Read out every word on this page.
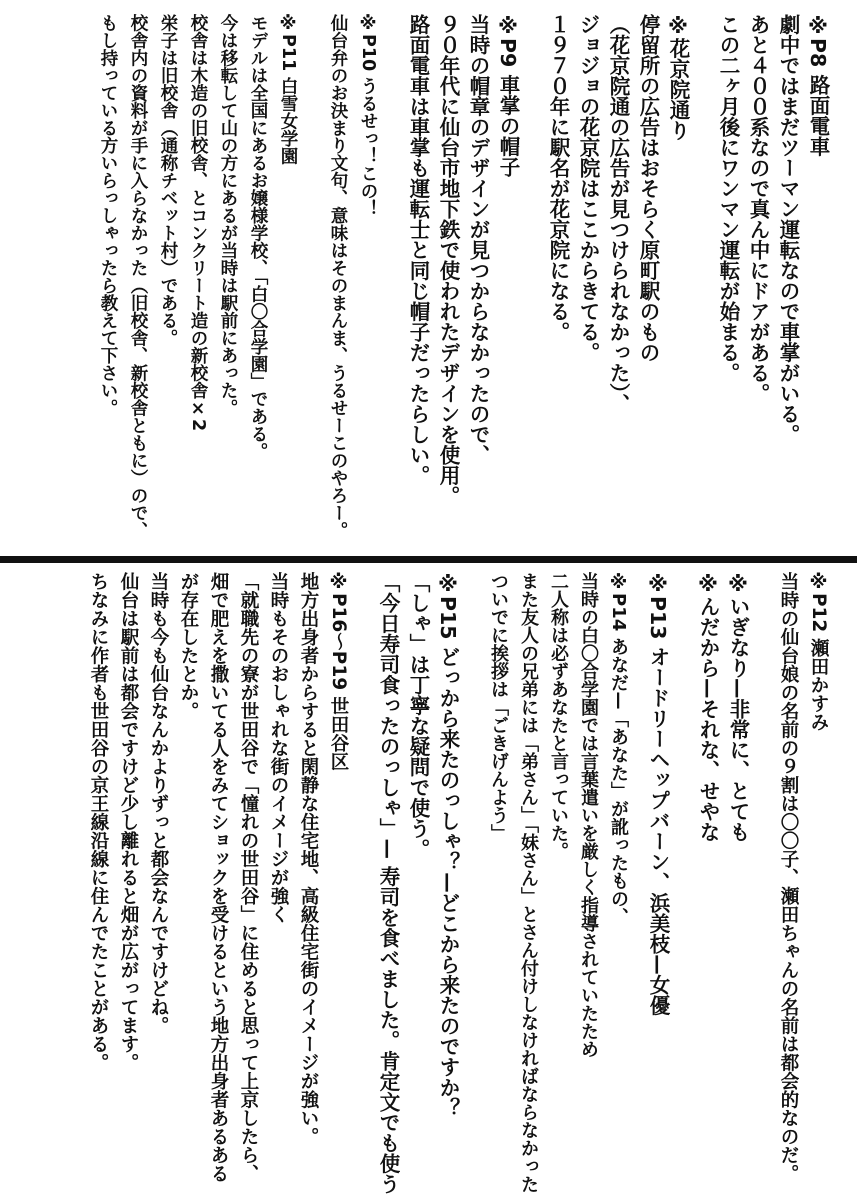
※P8 路面電車
劇中ではまだツーマン運転なので車掌がいる。
あと４００系なので真ん中にドアがある。
この二ヶ月後にワンマン運転が始まる。
※花京院通り
停留所の広告はおそらく原町駅のもの
（花京院通の広告が見つけられなかった）、
ジョジョの花京院はここからきてる。
１９７０年に駅名が花京院になる。
※P9 車掌の帽子
当時の帽章のデザインが見つからなかったので、
９０年代に仙台市地下鉄で使われたデザインを使用。
路面電車は車掌も運転士と同じ帽子だったらしい。
※P10 うるせっ！この！
仙台弁のお決まり文句、意味はそのまんま、うるせーこのやろー。
※P11 白雪女学園
モデルは全国にあるお嬢様学校、「白〇合学園」である。
今は移転して山の方にあるが当時は駅前にあった。
校舎は木造の旧校舎、とコンクリート造の新校舎×2
栄子は旧校舎（通称チベット村）である。
校舎内の資料が手に入らなかった（旧校舎、新校舎ともに）ので、
もし持っている方いらっしゃったら教えて下さい。
※P12 瀬田かすみ
当時の仙台娘の名前の９割は〇〇子、瀬田ちゃんの名前は都会的なのだ。
※いぎなり—非常に、とても
※んだから—それな、せやな
※P13 オードリーヘップバーン、浜美枝—女優
※P14 あなだ—「あなた」が訛ったもの、
当時の白〇合学園では言葉遣いを厳しく指導されていたため
二人称は必ずあなたと言っていた。
また友人の兄弟には「弟さん」「妹さん」とさん付けしなければならなかった
ついでに挨拶は「ごきげんよう」
※P15 どっから来たのっしゃ？—どこから来たのですか？
「しゃ」は丁寧な疑問で使う。
「今日寿司食ったのっしゃ」— 寿司を食べました。肯定文でも使う
※P16〜P19 世田谷区
地方出身者からすると閑静な住宅地、高級住宅街のイメージが強い。
当時もそのおしゃれな街のイメージが強く
「就職先の寮が世田谷で「憧れの世田谷」に住めると思って上京したら、
畑で肥えを撒いてる人をみてショックを受けるという地方出身者あるある
が存在したとか。
当時も今も仙台なんかよりずっと都会なんですけどね。
仙台は駅前は都会ですけど少し離れると畑が広がってます。
ちなみに作者も世田谷の京王線沿線に住んでたことがある。
